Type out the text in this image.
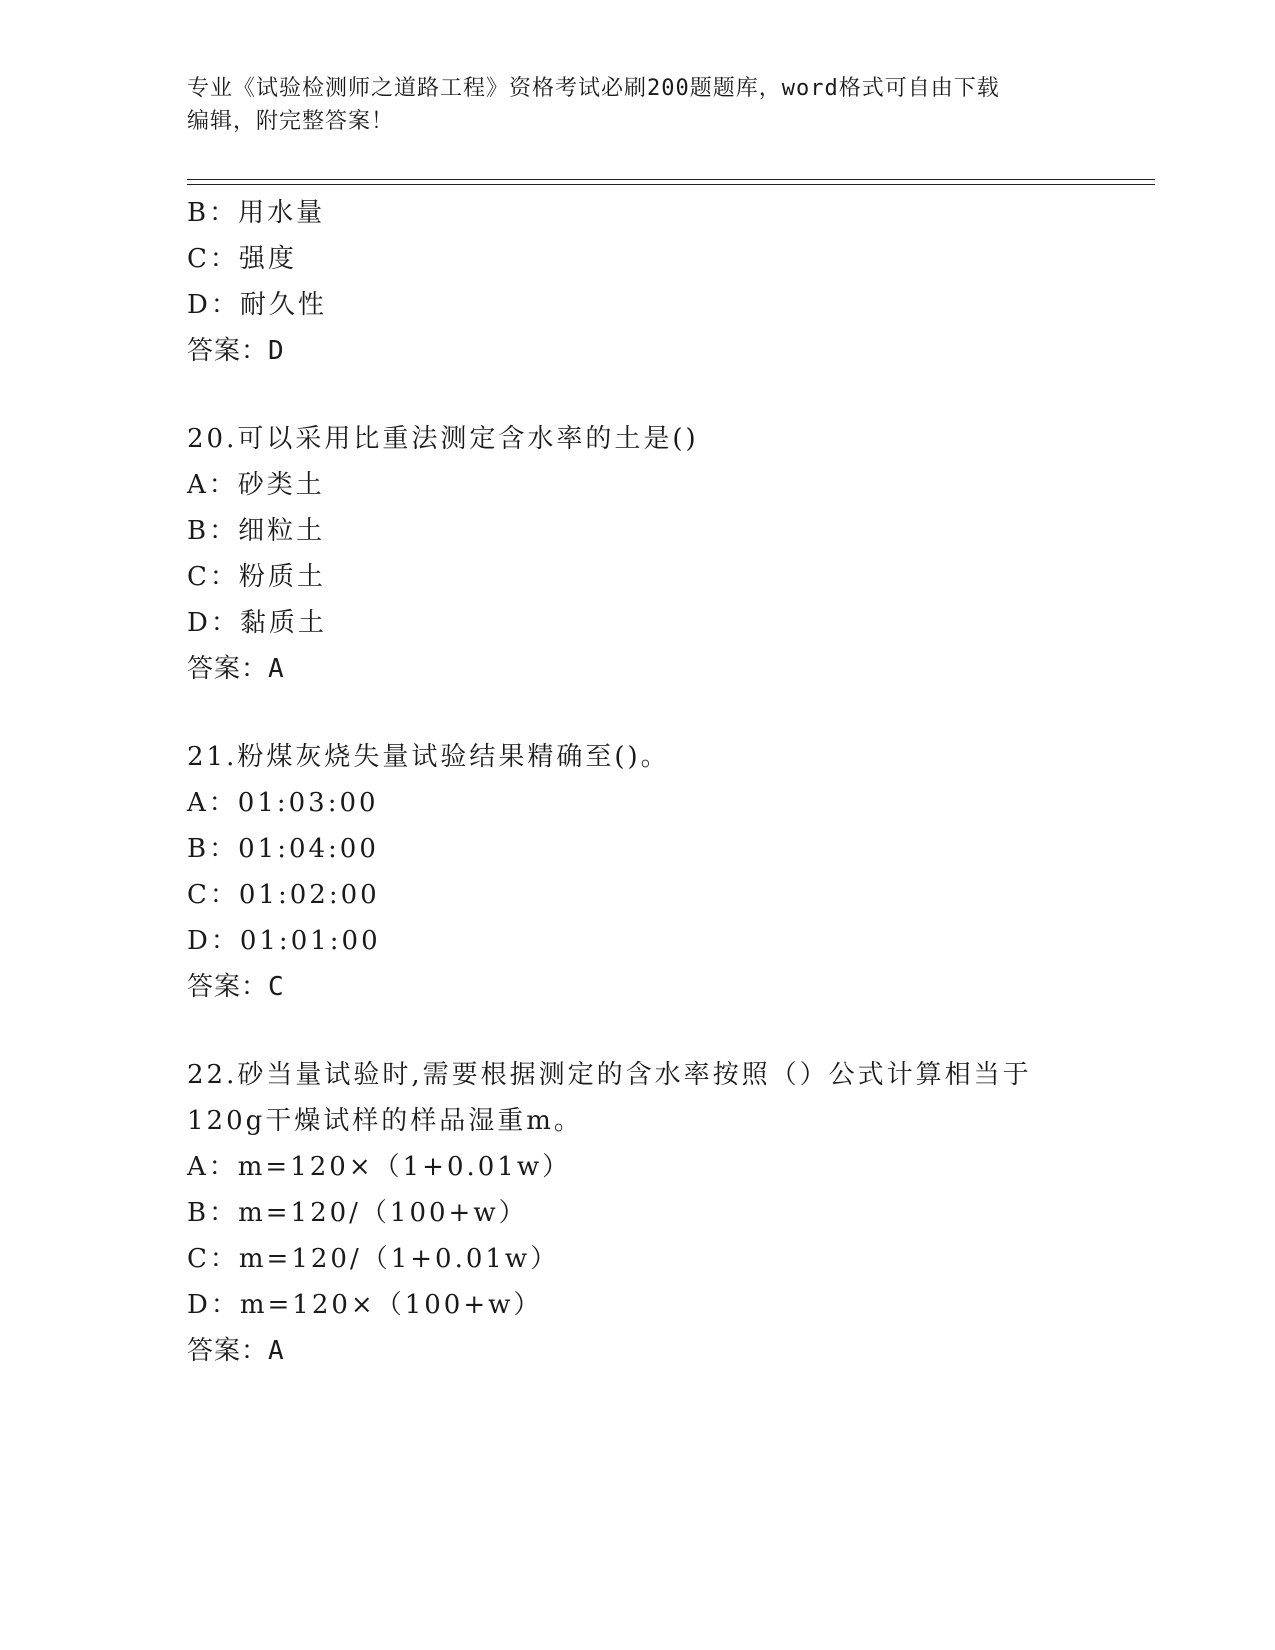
专业《试验检测师之道路工程》资格考试必刷200题题库，word格式可自由下载
编辑，附完整答案！
B：用水量
C：强度
D：耐久性
答案：D
20.可以采用比重法测定含水率的土是()
A：砂类土
B：细粒土
C：粉质土
D：黏质土
答案：A
21.粉煤灰烧失量试验结果精确至()。
A：01:03:00
B：01:04:00
C：01:02:00
D：01:01:00
答案：C
22.砂当量试验时,需要根据测定的含水率按照（）公式计算相当于
120g干燥试样的样品湿重m。
A：m=120×（1+0.01w）
B：m=120/（100+w）
C：m=120/（1+0.01w）
D：m=120×（100+w）
答案：A
